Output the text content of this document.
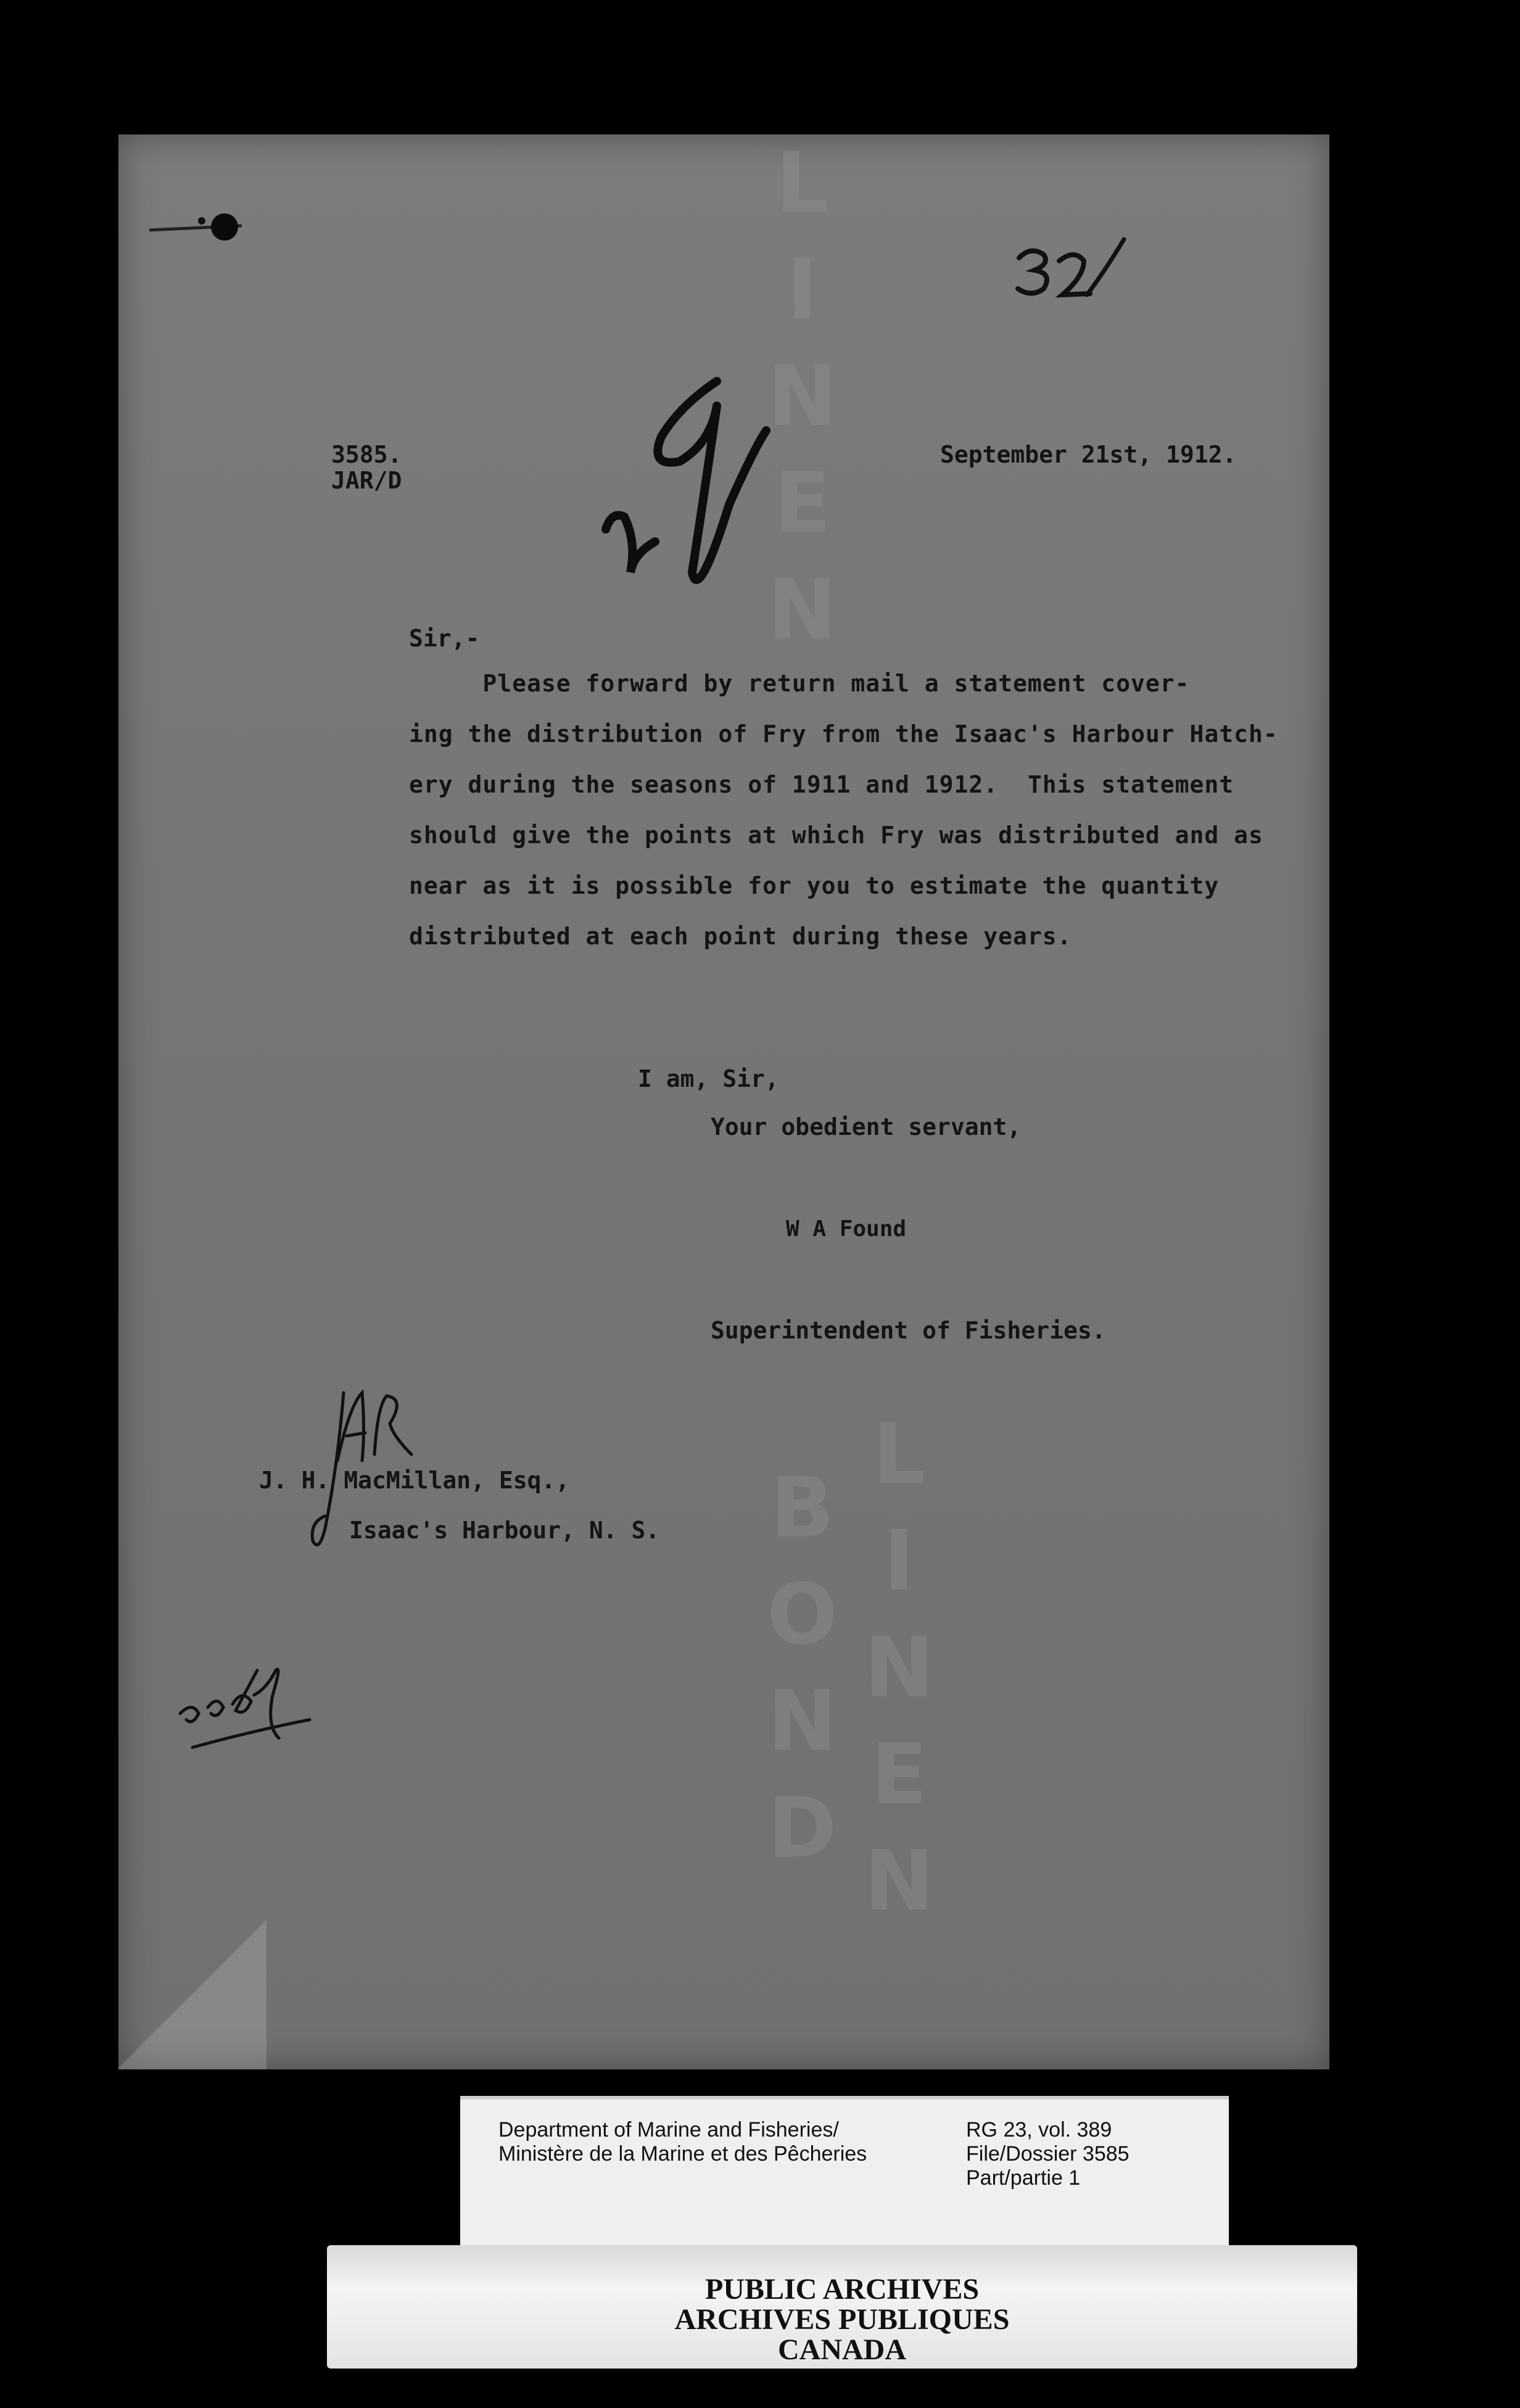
LINEN
LINEN BOND
3585.
JAR/D
September 21st, 1912.
Sir,-
Please forward by return mail a statement cover-
ing the distribution of Fry from the Isaac's Harbour Hatch-
ery during the seasons of 1911 and 1912.  This statement
should give the points at which Fry was distributed and as
near as it is possible for you to estimate the quantity
distributed at each point during these years.
I am, Sir,
Your obedient servant,
W A Found
Superintendent of Fisheries.
J. H. MacMillan, Esq.,
Isaac's Harbour, N. S.
Department of Marine and Fisheries/
Ministère de la Marine et des Pêcheries
RG 23, vol. 389
File/Dossier 3585
Part/partie 1
PUBLIC ARCHIVES
ARCHIVES PUBLIQUES
CANADA
